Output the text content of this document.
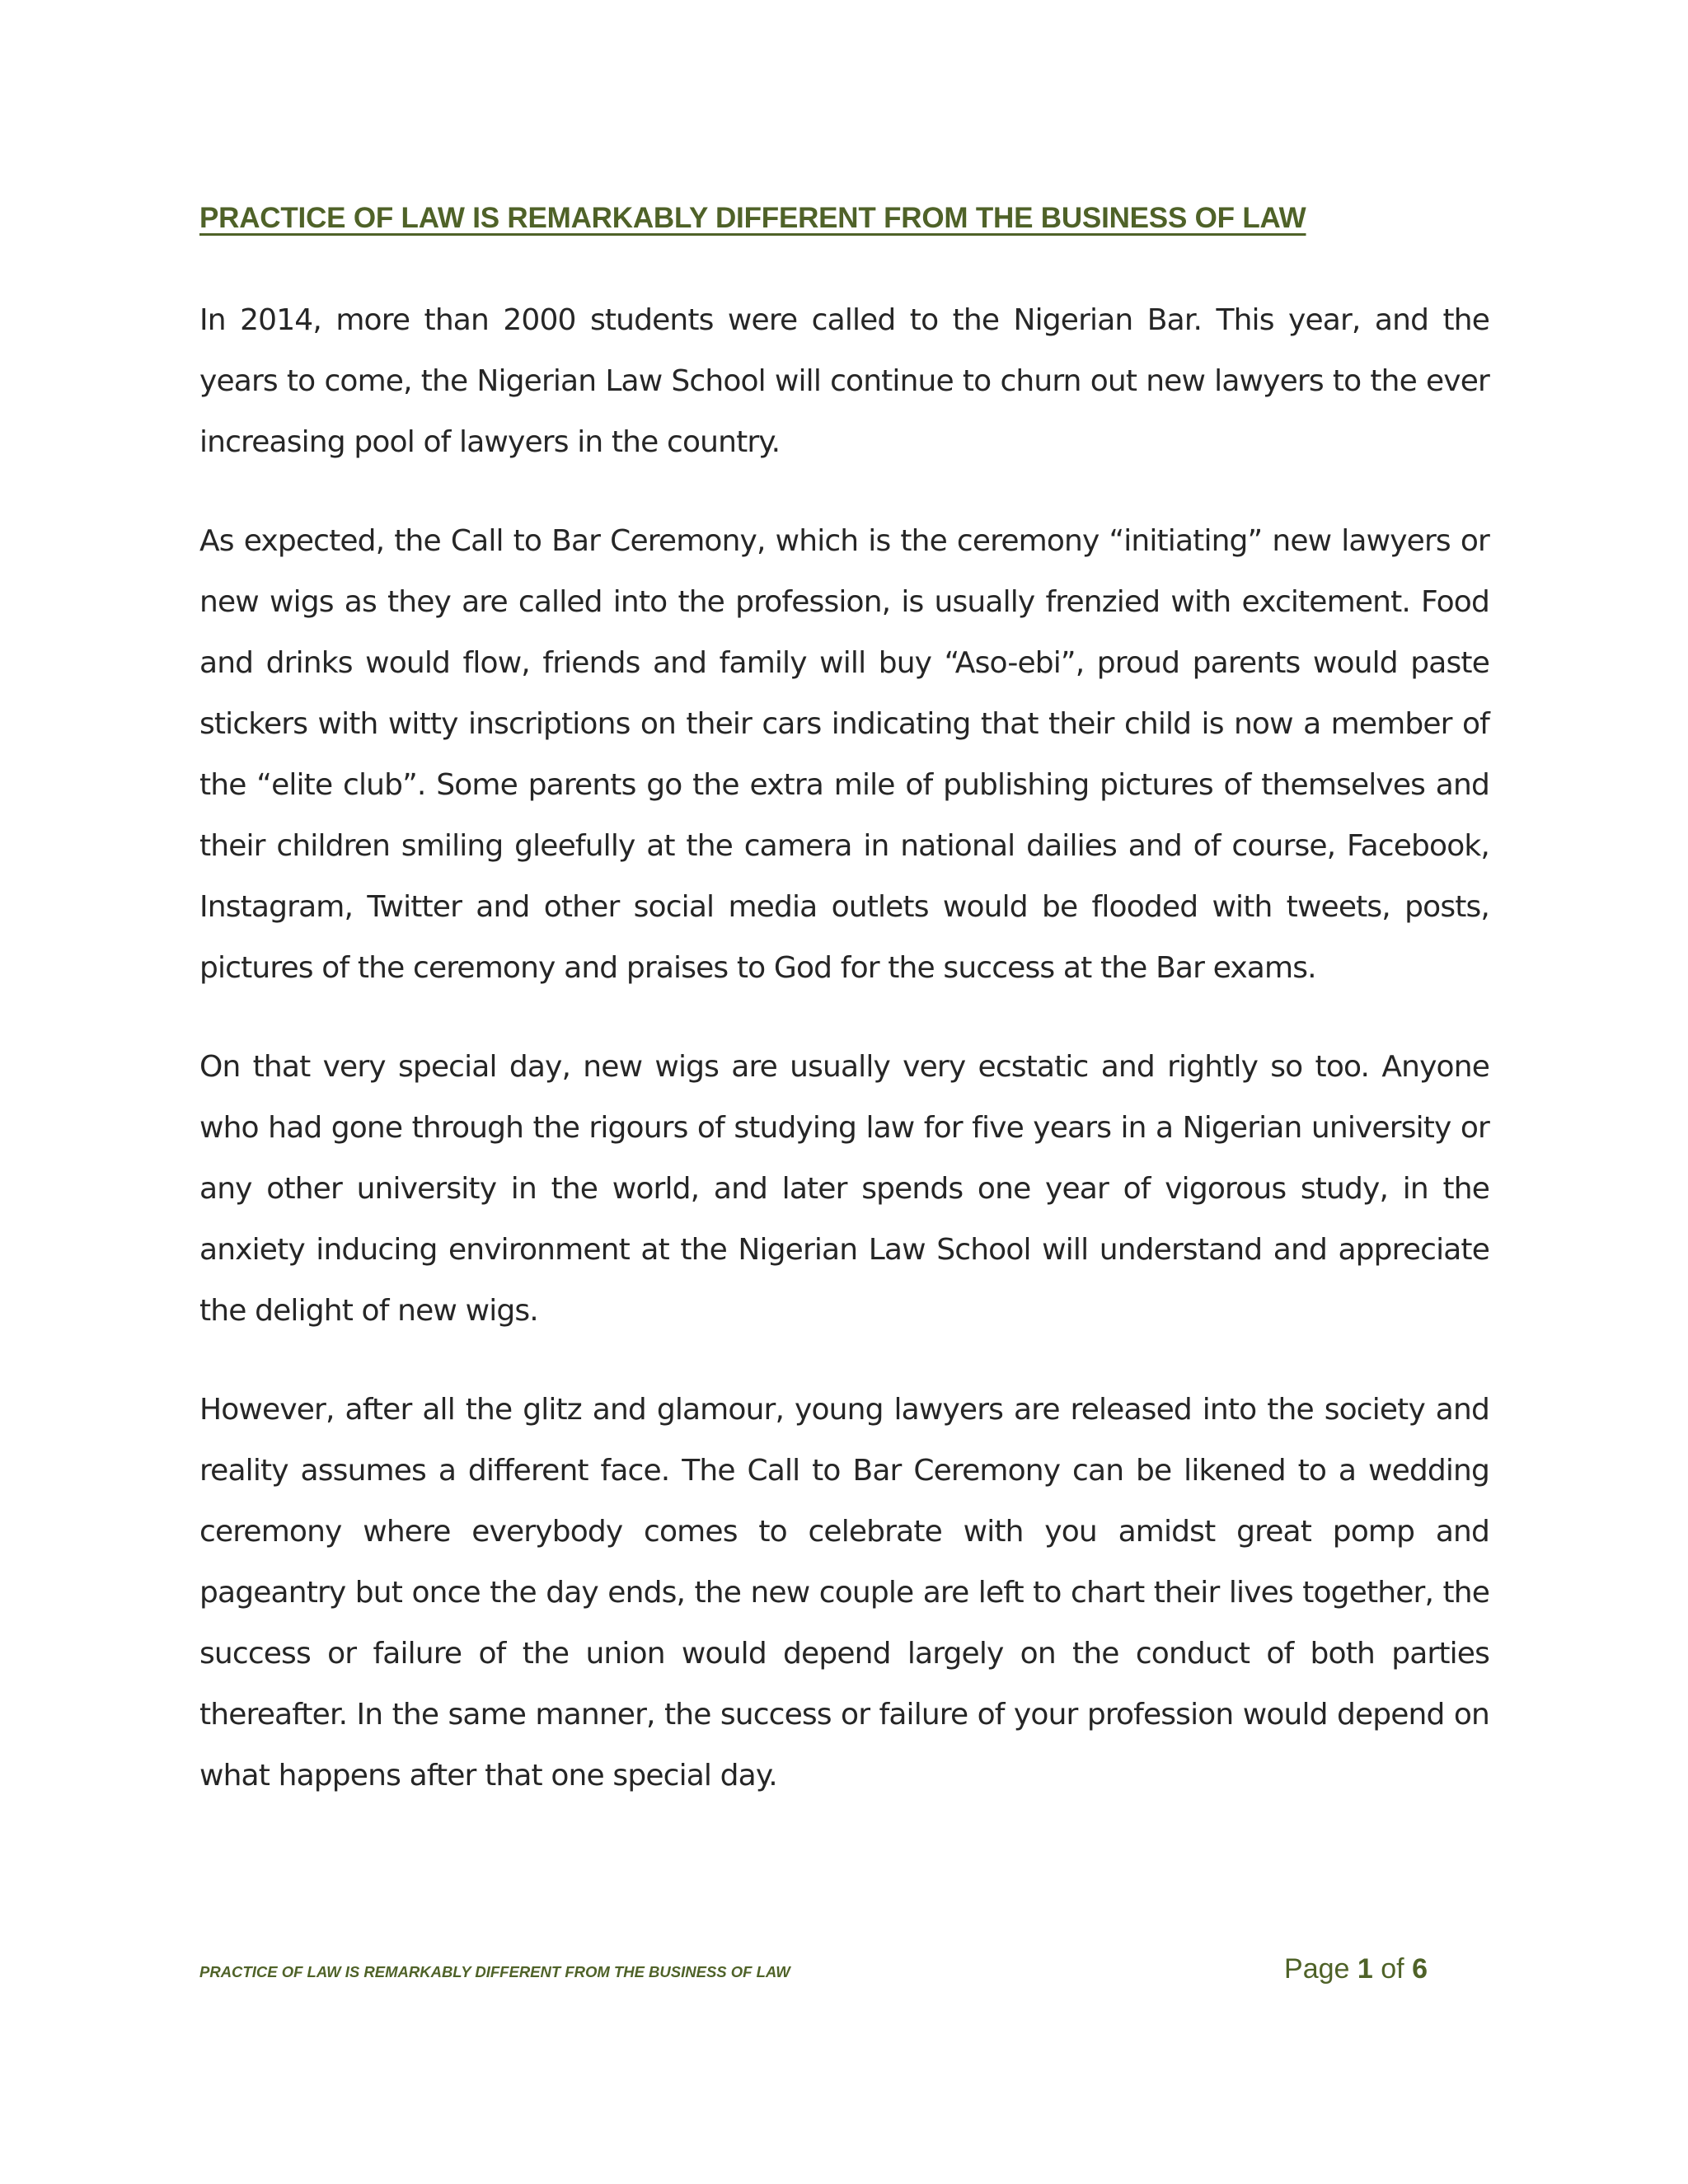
PRACTICE OF LAW IS REMARKABLY DIFFERENT FROM THE BUSINESS OF LAW

In 2014, more than 2000 students were called to the Nigerian Bar. This year, and the years to come, the Nigerian Law School will continue to churn out new lawyers to the ever increasing pool of lawyers in the country.

As expected, the Call to Bar Ceremony, which is the ceremony “initiating” new lawyers or new wigs as they are called into the profession, is usually frenzied with excitement. Food and drinks would flow, friends and family will buy “Aso-ebi”, proud parents would paste stickers with witty inscriptions on their cars indicating that their child is now a member of the “elite club”. Some parents go the extra mile of publishing pictures of themselves and their children smiling gleefully at the camera in national dailies and of course, Facebook, Instagram, Twitter and other social media outlets would be flooded with tweets, posts, pictures of the ceremony and praises to God for the success at the Bar exams.

On that very special day, new wigs are usually very ecstatic and rightly so too. Anyone who had gone through the rigours of studying law for five years in a Nigerian university or any other university in the world, and later spends one year of vigorous study, in the anxiety inducing environment at the Nigerian Law School will understand and appreciate the delight of new wigs.

However, after all the glitz and glamour, young lawyers are released into the society and reality assumes a different face. The Call to Bar Ceremony can be likened to a wedding ceremony where everybody comes to celebrate with you amidst great pomp and pageantry but once the day ends, the new couple are left to chart their lives together, the success or failure of the union would depend largely on the conduct of both parties thereafter. In the same manner, the success or failure of your profession would depend on what happens after that one special day.

PRACTICE OF LAW IS REMARKABLY DIFFERENT FROM THE BUSINESS OF LAW	Page 1 of 6
